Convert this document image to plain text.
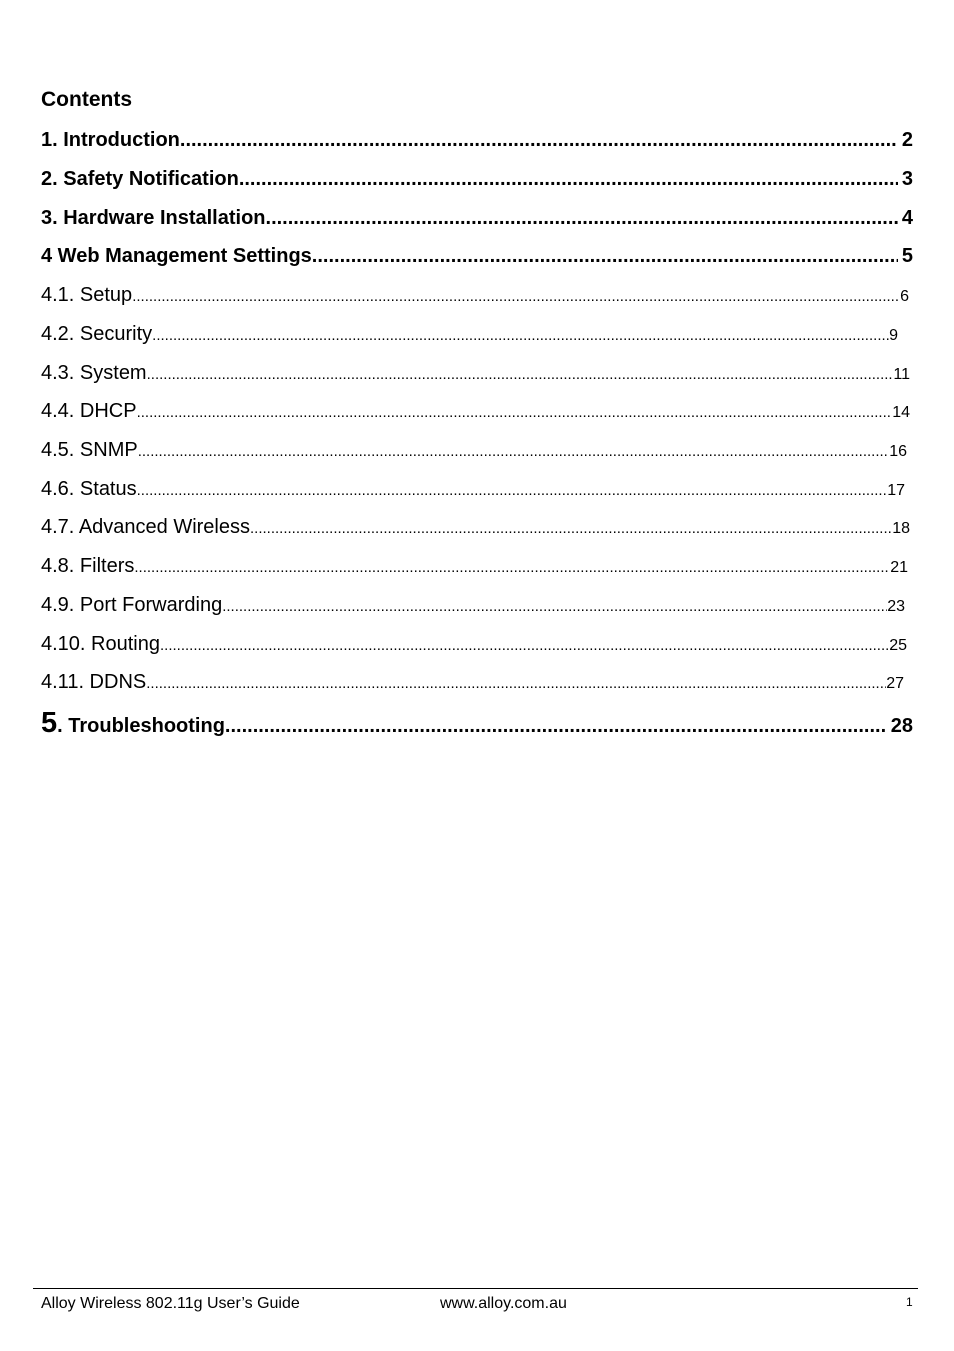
Contents
1. Introduction .....	2
2. Safety Notification .....	3
3. Hardware Installation .....	4
4 Web Management Settings .....	5
4.1. Setup .....	6
4.2. Security .....	9
4.3. System .....	11
4.4. DHCP .....	14
4.5. SNMP .....	16
4.6. Status .....	17
4.7. Advanced Wireless .....	18
4.8. Filters .....	21
4.9. Port Forwarding .....	23
4.10. Routing .....	25
4.11. DDNS .....	27
5. Troubleshooting .....	28
Alloy Wireless 802.11g User’s Guide	www.alloy.com.au	1
